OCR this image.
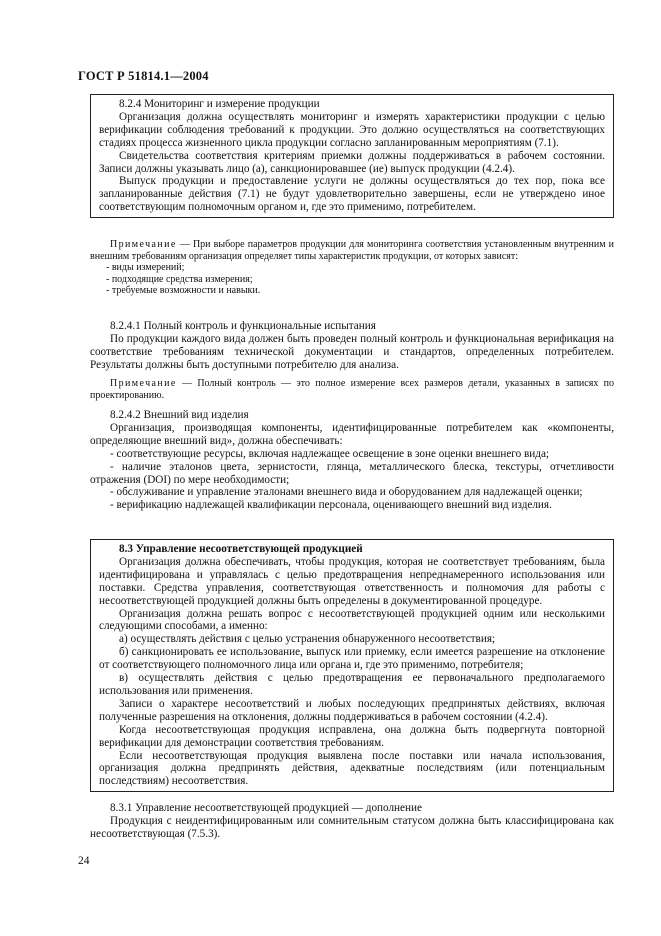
ГОСТ Р 51814.1—2004

8.2.4 Мониторинг и измерение продукции

Организация должна осуществлять мониторинг и измерять характеристики продукции с целью верификации соблюдения требований к продукции. Это должно осуществляться на соответствующих стадиях процесса жизненного цикла продукции согласно запланированным мероприятиям (7.1).

Свидетельства соответствия критериям приемки должны поддерживаться в рабочем состоянии. Записи должны указывать лицо (а), санкционировавшее (ие) выпуск продукции (4.2.4).

Выпуск продукции и предоставление услуги не должны осуществляться до тех пор, пока все запланированные действия (7.1) не будут удовлетворительно завершены, если не утверждено иное соответствующим полномочным органом и, где это применимо, потребителем.

Примечание — При выборе параметров продукции для мониторинга соответствия установленным внутренним и внешним требованиям организация определяет типы характеристик продукции, от которых зависят:

- виды измерений;

- подходящие средства измерения;

- требуемые возможности и навыки.

8.2.4.1 Полный контроль и функциональные испытания

По продукции каждого вида должен быть проведен полный контроль и функциональная верификация на соответствие требованиям технической документации и стандартов, определенных потребителем. Результаты должны быть доступными потребителю для анализа.

Примечание — Полный контроль — это полное измерение всех размеров детали, указанных в записях по проектированию.

8.2.4.2 Внешний вид изделия

Организация, производящая компоненты, идентифицированные потребителем как «компоненты, определяющие внешний вид», должна обеспечивать:

- соответствующие ресурсы, включая надлежащее освещение в зоне оценки внешнего вида;

- наличие эталонов цвета, зернистости, глянца, металлического блеска, текстуры, отчетливости отражения (DOI) по мере необходимости;

- обслуживание и управление эталонами внешнего вида и оборудованием для надлежащей оценки;

- верификацию надлежащей квалификации персонала, оценивающего внешний вид изделия.

8.3 Управление несоответствующей продукцией

Организация должна обеспечивать, чтобы продукция, которая не соответствует требованиям, была идентифицирована и управлялась с целью предотвращения непреднамеренного использования или поставки. Средства управления, соответствующая ответственность и полномочия для работы с несоответствующей продукцией должны быть определены в документированной процедуре.

Организация должна решать вопрос с несоответствующей продукцией одним или несколькими следующими способами, а именно:

а) осуществлять действия с целью устранения обнаруженного несоответствия;

б) санкционировать ее использование, выпуск или приемку, если имеется разрешение на отклонение от соответствующего полномочного лица или органа и, где это применимо, потребителя;

в) осуществлять действия с целью предотвращения ее первоначального предполагаемого использования или применения.

Записи о характере несоответствий и любых последующих предпринятых действиях, включая полученные разрешения на отклонения, должны поддерживаться в рабочем состоянии (4.2.4).

Когда несоответствующая продукция исправлена, она должна быть подвергнута повторной верификации для демонстрации соответствия требованиям.

Если несоответствующая продукция выявлена после поставки или начала использования, организация должна предпринять действия, адекватные последствиям (или потенциальным последствиям) несоответствия.

8.3.1 Управление несоответствующей продукцией — дополнение

Продукция с неидентифицированным или сомнительным статусом должна быть классифицирована как несоответствующая (7.5.3).

24
